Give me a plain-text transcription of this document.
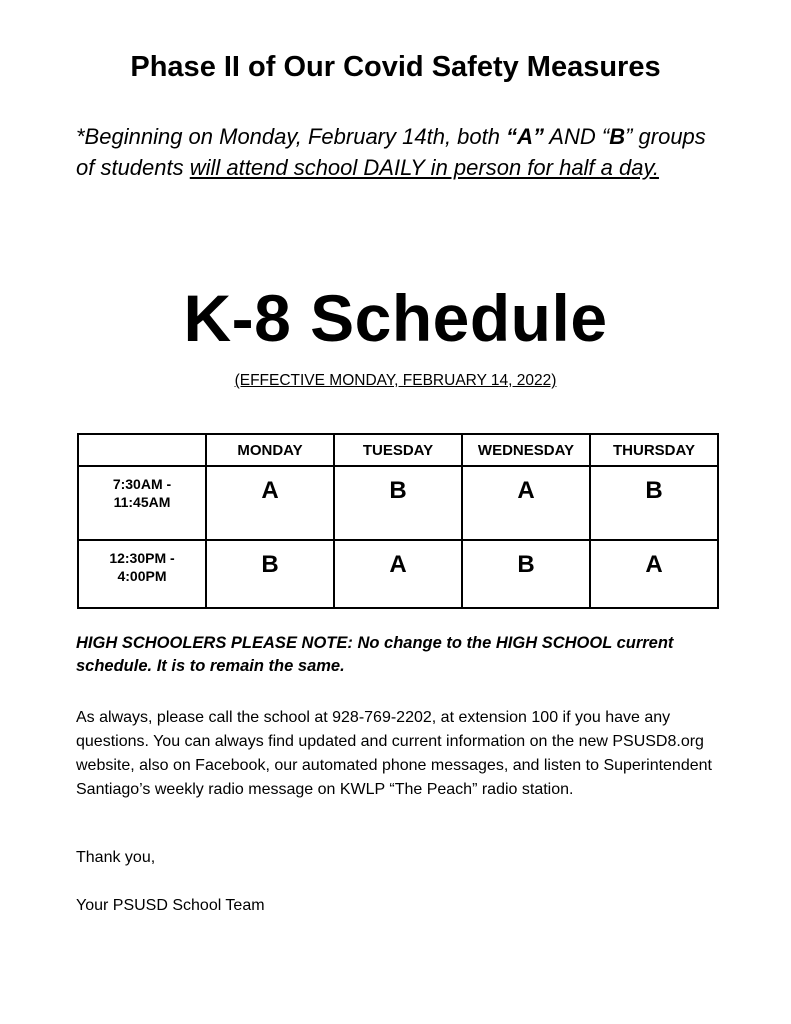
Phase II of Our Covid Safety Measures
*Beginning on Monday, February 14th, both “A” AND “B” groups of students will attend school DAILY in person for half a day.
K-8 Schedule
(EFFECTIVE MONDAY, FEBRUARY 14, 2022)
	MONDAY	TUESDAY	WEDNESDAY	THURSDAY
7:30AM -
11:45AM	A	B	A	B
12:30PM -
4:00PM	B	A	B	A
HIGH SCHOOLERS PLEASE NOTE: No change to the HIGH SCHOOL current schedule. It is to remain the same.
As always, please call the school at 928-769-2202, at extension 100 if you have any questions. You can always find updated and current information on the new PSUSD8.org website, also on Facebook, our automated phone messages, and listen to Superintendent Santiago’s weekly radio message on KWLP “The Peach” radio station.
Thank you,
Your PSUSD School Team
